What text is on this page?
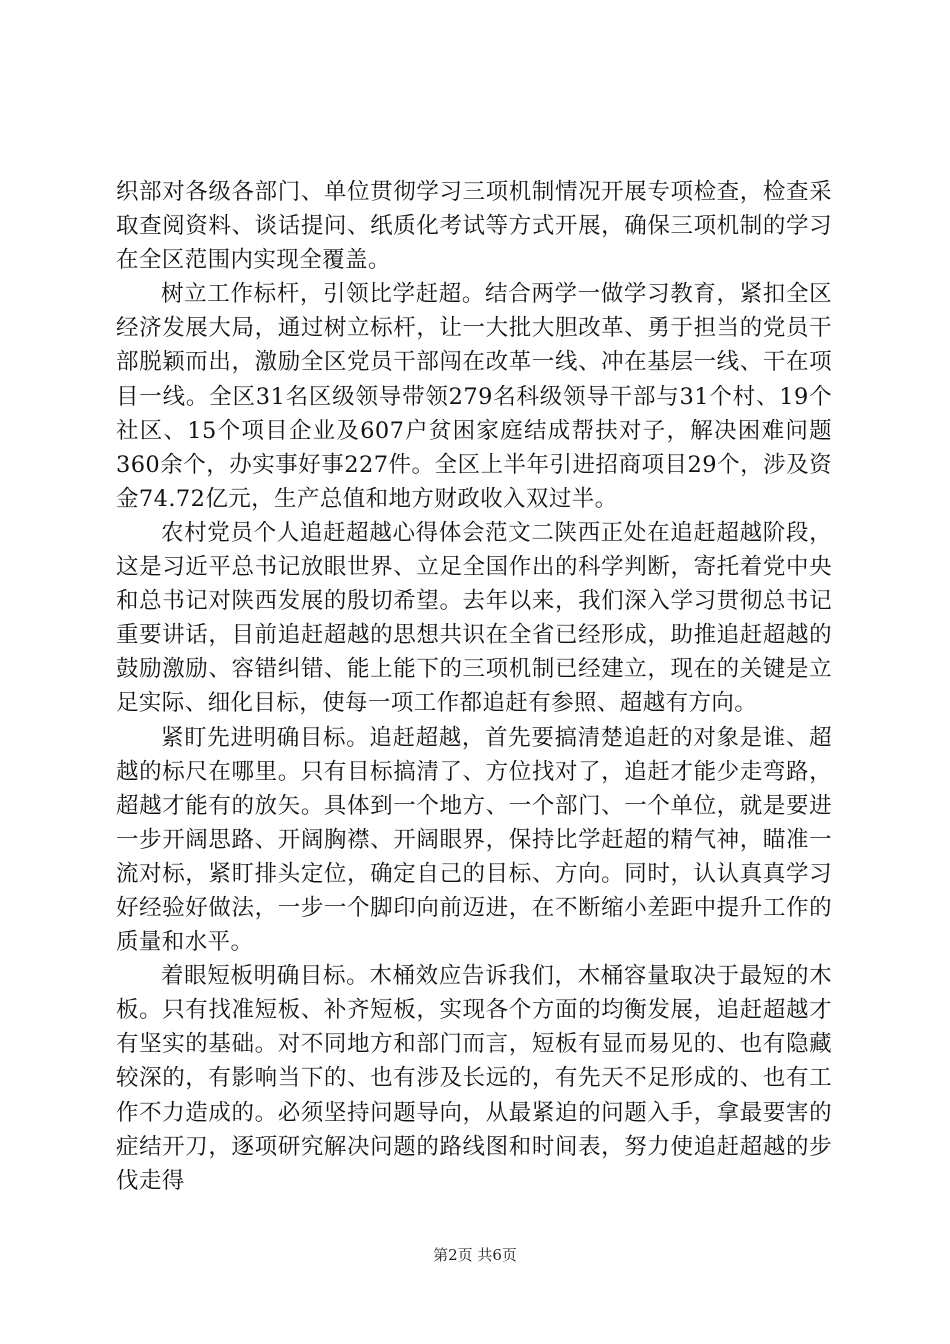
织部对各级各部门、单位贯彻学习三项机制情况开展专项检查，检查采取查阅资料、谈话提问、纸质化考试等方式开展，确保三项机制的学习在全区范围内实现全覆盖。

树立工作标杆，引领比学赶超。结合两学一做学习教育，紧扣全区经济发展大局，通过树立标杆，让一大批大胆改革、勇于担当的党员干部脱颖而出，激励全区党员干部闯在改革一线、冲在基层一线、干在项目一线。全区31名区级领导带领279名科级领导干部与31个村、19个社区、15个项目企业及607户贫困家庭结成帮扶对子，解决困难问题360余个，办实事好事227件。全区上半年引进招商项目29个，涉及资金74.72亿元，生产总值和地方财政收入双过半。

农村党员个人追赶超越心得体会范文二陕西正处在追赶超越阶段，这是习近平总书记放眼世界、立足全国作出的科学判断，寄托着党中央和总书记对陕西发展的殷切希望。去年以来，我们深入学习贯彻总书记重要讲话，目前追赶超越的思想共识在全省已经形成，助推追赶超越的鼓励激励、容错纠错、能上能下的三项机制已经建立，现在的关键是立足实际、细化目标，使每一项工作都追赶有参照、超越有方向。

紧盯先进明确目标。追赶超越，首先要搞清楚追赶的对象是谁、超越的标尺在哪里。只有目标搞清了、方位找对了，追赶才能少走弯路，超越才能有的放矢。具体到一个地方、一个部门、一个单位，就是要进一步开阔思路、开阔胸襟、开阔眼界，保持比学赶超的精气神，瞄准一流对标，紧盯排头定位，确定自己的目标、方向。同时，认认真真学习好经验好做法，一步一个脚印向前迈进，在不断缩小差距中提升工作的质量和水平。

着眼短板明确目标。木桶效应告诉我们，木桶容量取决于最短的木板。只有找准短板、补齐短板，实现各个方面的均衡发展，追赶超越才有坚实的基础。对不同地方和部门而言，短板有显而易见的、也有隐藏较深的，有影响当下的、也有涉及长远的，有先天不足形成的、也有工作不力造成的。必须坚持问题导向，从最紧迫的问题入手，拿最要害的症结开刀，逐项研究解决问题的路线图和时间表，努力使追赶超越的步伐走得

第2页 共6页
